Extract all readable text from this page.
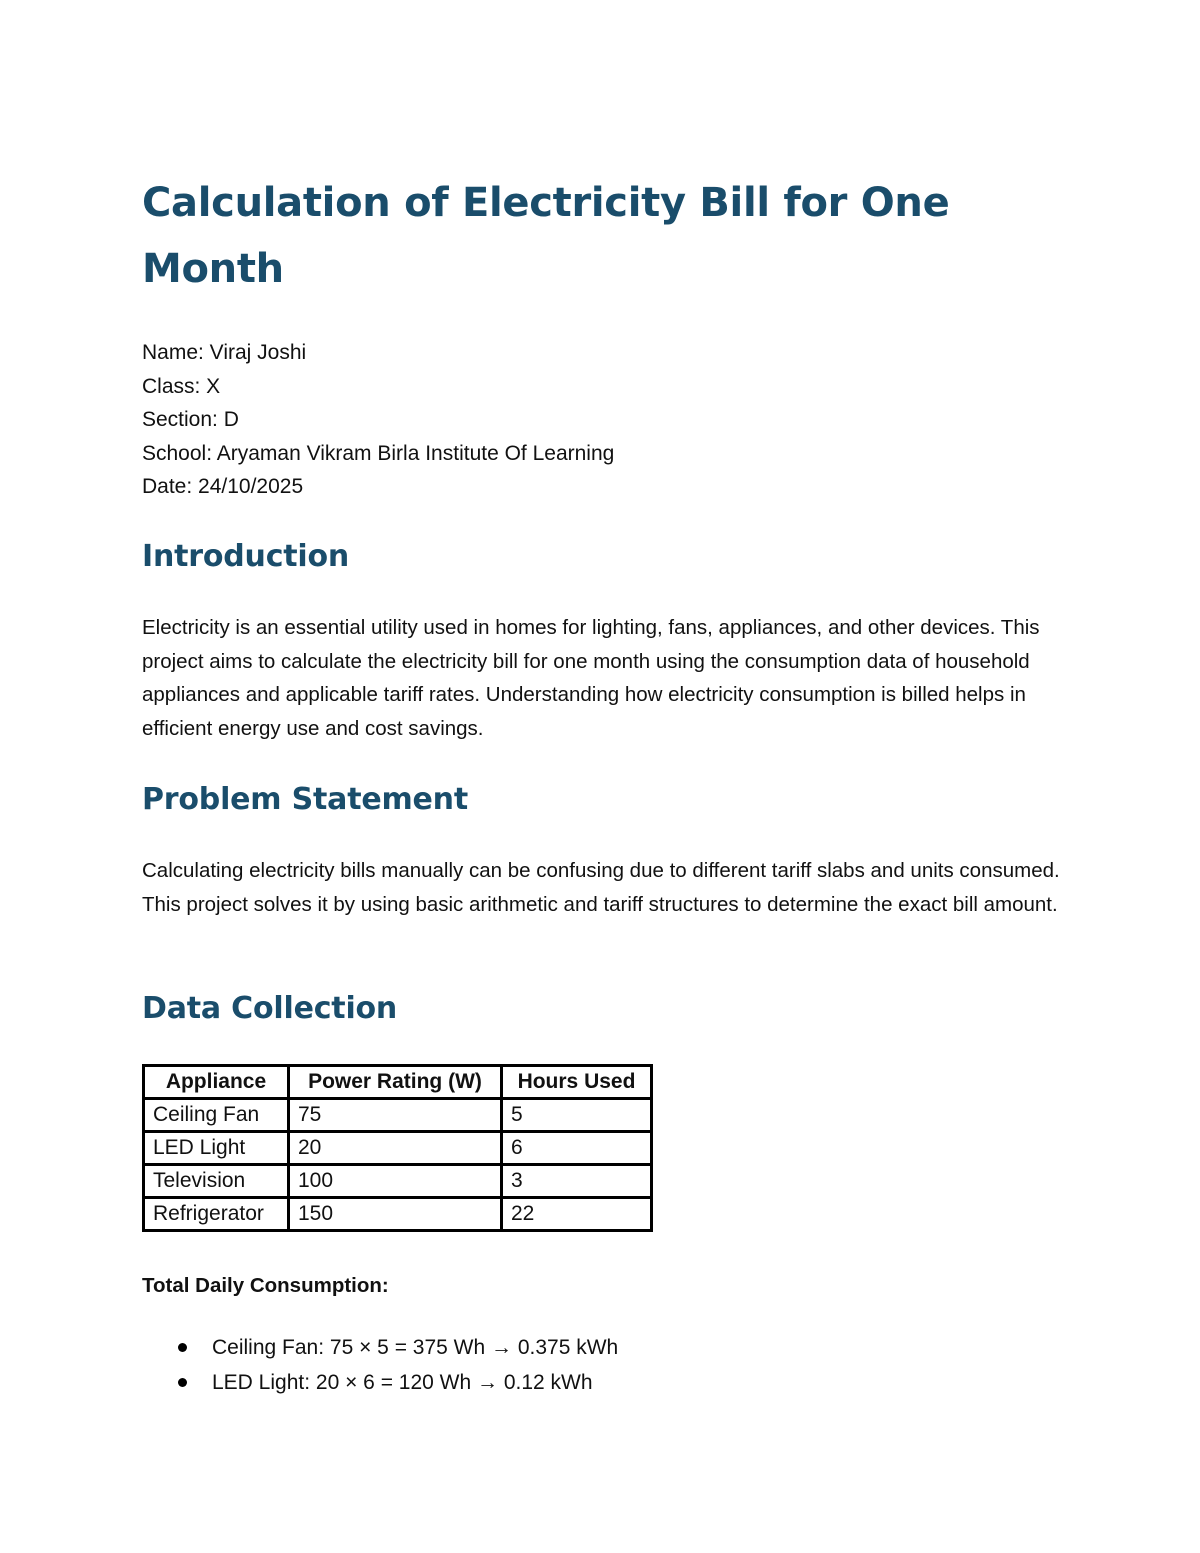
Calculation of Electricity Bill for One Month
Name: Viraj Joshi
Class: X
Section: D
School: Aryaman Vikram Birla Institute Of Learning
Date: 24/10/2025
Introduction

Electricity is an essential utility used in homes for lighting, fans, appliances, and other devices. This project aims to calculate the electricity bill for one month using the consumption data of household appliances and applicable tariff rates. Understanding how electricity consumption is billed helps in efficient energy use and cost savings.

Problem Statement

Calculating electricity bills manually can be confusing due to different tariff slabs and units consumed. This project solves it by using basic arithmetic and tariff structures to determine the exact bill amount.

Data Collection
Appliance	Power Rating (W)	Hours Used
Ceiling Fan	75	5
LED Light	20	6
Television	100	3
Refrigerator	150	22

Total Daily Consumption:

Ceiling Fan: 75 × 5 = 375 Wh → 0.375 kWh
LED Light: 20 × 6 = 120 Wh → 0.12 kWh
